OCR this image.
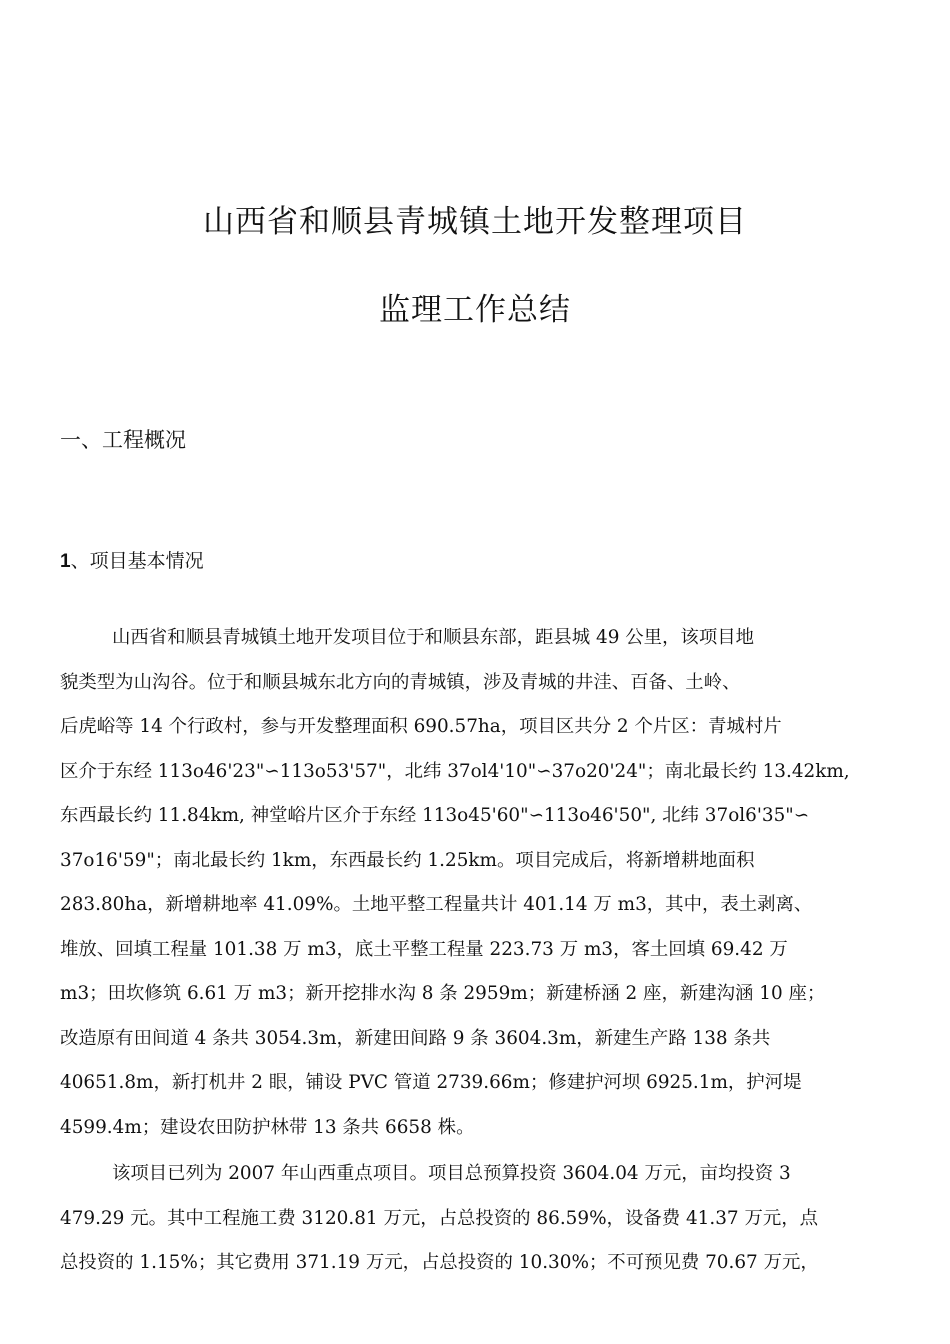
山西省和顺县青城镇土地开发整理项目
监理工作总结
一、工程概况
1、项目基本情况
山西省和顺县青城镇土地开发项目位于和顺县东部，距县城 49 公里，该项目地
貌类型为山沟谷。位于和顺县城东北方向的青城镇，涉及青城的井洼、百备、土岭、
后虎峪等 14 个行政村，参与开发整理面积 690.57ha，项目区共分 2 个片区：青城村片
区介于东经 113o46'23"∽113o53'57"，北纬 37ol4'10"∽37o20'24"；南北最长约 13.42km,
东西最长约 11.84km, 神堂峪片区介于东经 113o45'60"∽113o46'50", 北纬 37ol6'35"∽
37o16'59"；南北最长约 1km，东西最长约 1.25km。项目完成后，将新增耕地面积
283.80ha，新增耕地率 41.09%。土地平整工程量共计 401.14 万 m3，其中，表土剥离、
堆放、回填工程量 101.38 万 m3，底土平整工程量 223.73 万 m3，客土回填 69.42 万
m3；田坎修筑 6.61 万 m3；新开挖排水沟 8 条 2959m；新建桥涵 2 座，新建沟涵 10 座；
改造原有田间道 4 条共 3054.3m，新建田间路 9 条 3604.3m，新建生产路 138 条共
40651.8m，新打机井 2 眼，铺设 PVC 管道 2739.66m；修建护河坝 6925.1m，护河堤
4599.4m；建设农田防护林带 13 条共 6658 株。
该项目已列为 2007 年山西重点项目。项目总预算投资 3604.04 万元，亩均投资 3
479.29 元。其中工程施工费 3120.81 万元，占总投资的 86.59%，设备费 41.37 万元，点
总投资的 1.15%；其它费用 371.19 万元，占总投资的 10.30%；不可预见费 70.67 万元，
